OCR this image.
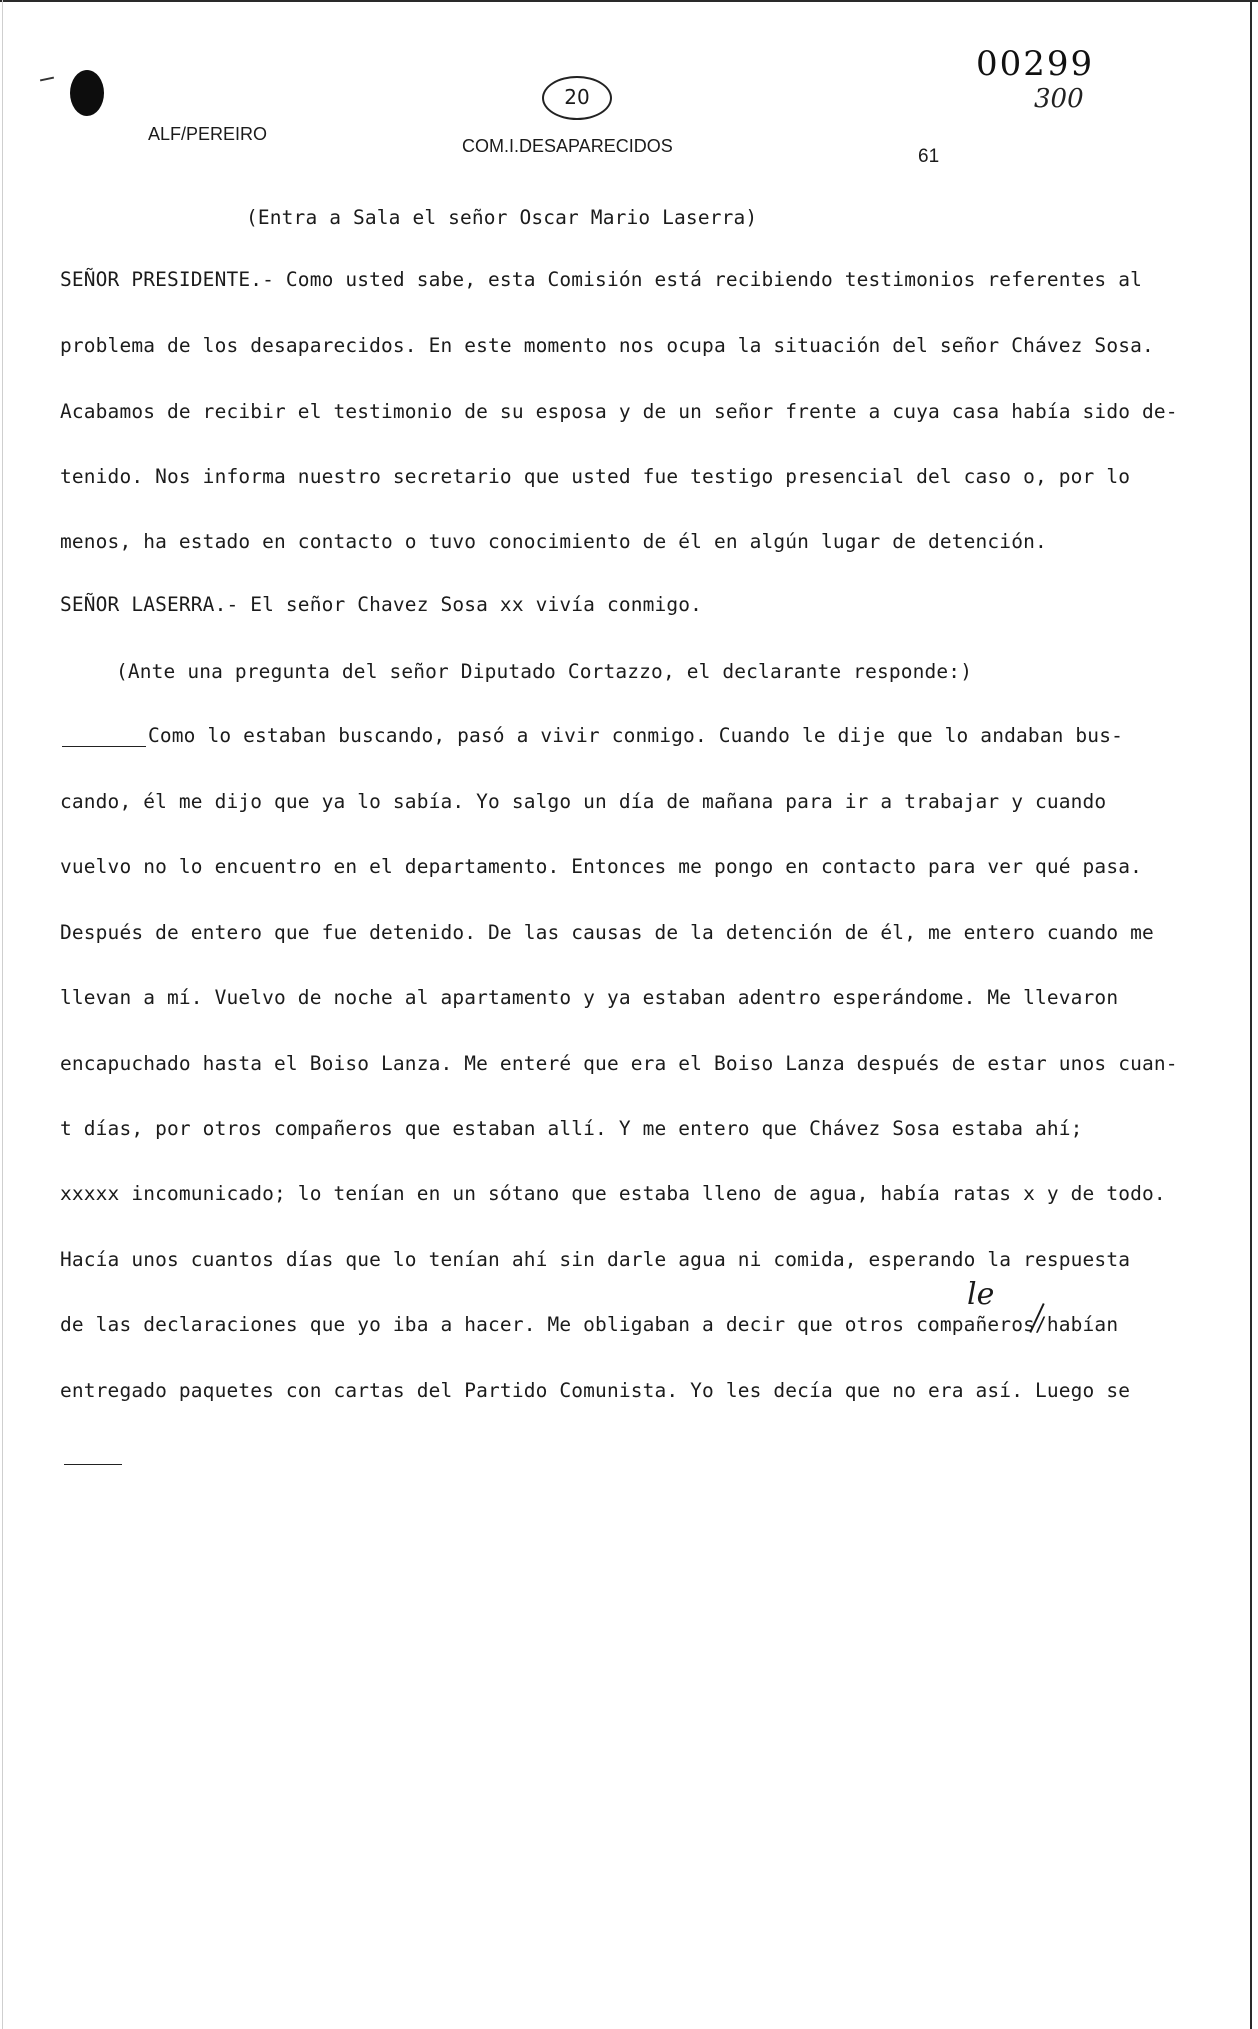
00299
300
20
ALF/PEREIRO
COM.I.DESAPARECIDOS	61
(Entra a Sala el señor Oscar Mario Laserra)
SEÑOR PRESIDENTE.- Como usted sabe, esta Comisión está recibiendo testimonios referentes al
problema de los desaparecidos. En este momento nos ocupa la situación del señor Chávez Sosa.
Acabamos de recibir el testimonio de su esposa y de un señor frente a cuya casa había sido de-
tenido. Nos informa nuestro secretario que usted fue testigo presencial del caso o, por lo
menos, ha estado en contacto o tuvo conocimiento de él en algún lugar de detención.
SEÑOR LASERRA.- El señor Chavez Sosa xx vivía conmigo.
(Ante una pregunta del señor Diputado Cortazzo, el declarante responde:)
Como lo estaban buscando, pasó a vivir conmigo. Cuando le dije que lo andaban bus-
cando, él me dijo que ya lo sabía. Yo salgo un día de mañana para ir a trabajar y cuando
vuelvo no lo encuentro en el departamento. Entonces me pongo en contacto para ver qué pasa.
Después de entero que fue detenido. De las causas de la detención de él, me entero cuando me
llevan a mí. Vuelvo de noche al apartamento y ya estaban adentro esperándome. Me llevaron
encapuchado hasta el Boiso Lanza. Me enteré que era el Boiso Lanza después de estar unos cuan-
t días, por otros compañeros que estaban allí. Y me entero que Chávez Sosa estaba ahí;
xxxxx incomunicado; lo tenían en un sótano que estaba lleno de agua, había ratas x y de todo.
Hacía unos cuantos días que lo tenían ahí sin darle agua ni comida, esperando la respuesta
le
de las declaraciones que yo iba a hacer. Me obligaban a decir que otros compañeros/habían
entregado paquetes con cartas del Partido Comunista. Yo les decía que no era así. Luego se
